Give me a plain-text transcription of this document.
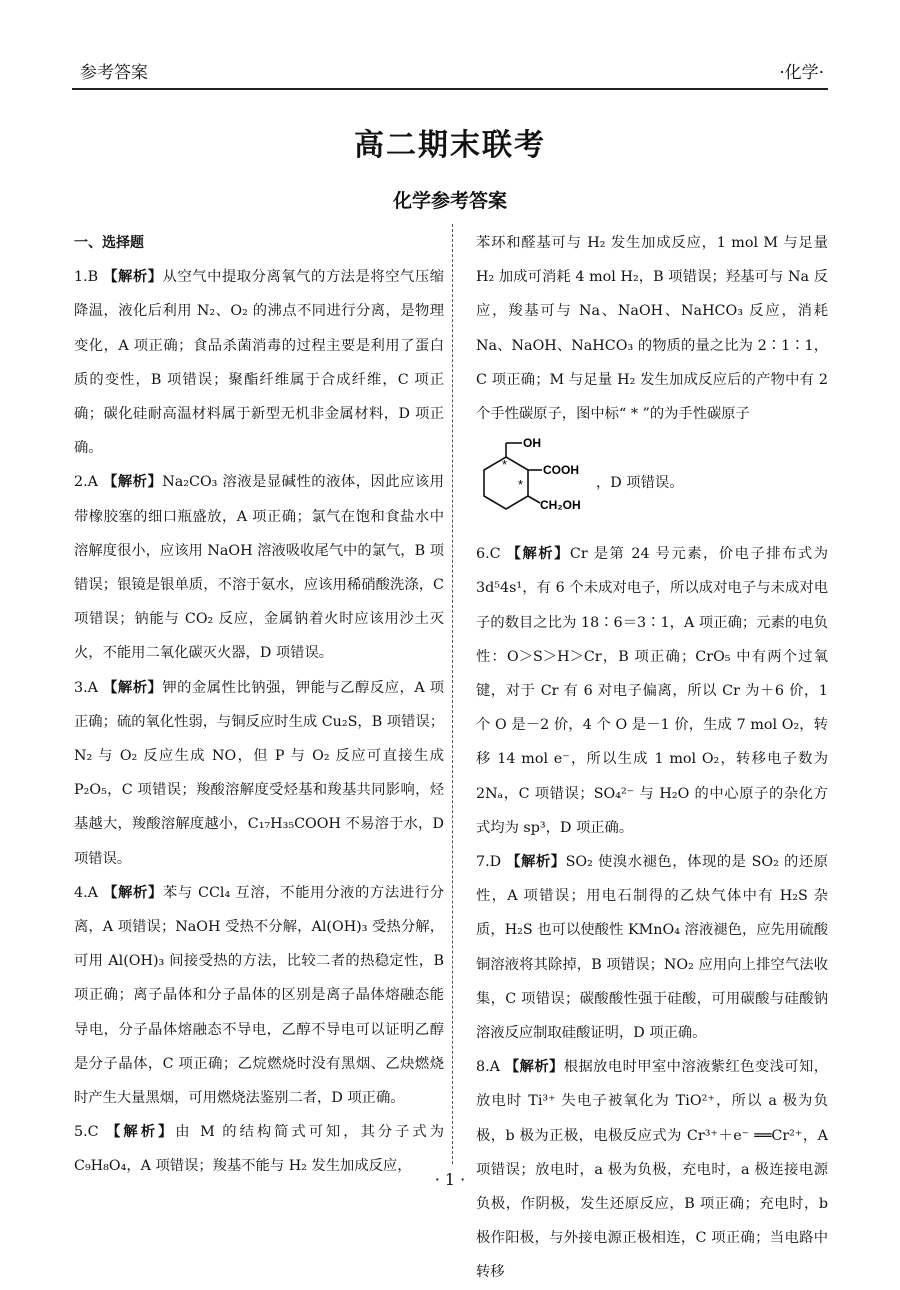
参考答案	·化学·
高二期末联考
化学参考答案
一、选择题
1.B 【解析】从空气中提取分离氧气的方法是将空气压缩降温，液化后利用 N₂、O₂ 的沸点不同进行分离，是物理变化，A 项正确；食品杀菌消毒的过程主要是利用了蛋白质的变性，B 项错误；聚酯纤维属于合成纤维，C 项正确；碳化硅耐高温材料属于新型无机非金属材料，D 项正确。
2.A 【解析】Na₂CO₃ 溶液是显碱性的液体，因此应该用带橡胶塞的细口瓶盛放，A 项正确；氯气在饱和食盐水中溶解度很小，应该用 NaOH 溶液吸收尾气中的氯气，B 项错误；银镜是银单质，不溶于氨水，应该用稀硝酸洗涤，C 项错误；钠能与 CO₂ 反应，金属钠着火时应该用沙土灭火，不能用二氧化碳灭火器，D 项错误。
3.A 【解析】钾的金属性比钠强，钾能与乙醇反应，A 项正确；硫的氧化性弱，与铜反应时生成 Cu₂S，B 项错误；N₂ 与 O₂ 反应生成 NO，但 P 与 O₂ 反应可直接生成 P₂O₅，C 项错误；羧酸溶解度受烃基和羧基共同影响，烃基越大，羧酸溶解度越小，C₁₇H₃₅COOH 不易溶于水，D 项错误。
4.A 【解析】苯与 CCl₄ 互溶，不能用分液的方法进行分离，A 项错误；NaOH 受热不分解，Al(OH)₃ 受热分解，可用 Al(OH)₃ 间接受热的方法，比较二者的热稳定性，B 项正确；离子晶体和分子晶体的区别是离子晶体熔融态能导电，分子晶体熔融态不导电，乙醇不导电可以证明乙醇是分子晶体，C 项正确；乙烷燃烧时没有黑烟、乙炔燃烧时产生大量黑烟，可用燃烧法鉴别二者，D 项正确。
5.C 【解析】由 M 的结构简式可知，其分子式为 C₉H₈O₄，A 项错误；羧基不能与 H₂ 发生加成反应，
苯环和醛基可与 H₂ 发生加成反应，1 mol M 与足量 H₂ 加成可消耗 4 mol H₂，B 项错误；羟基可与 Na 反应，羧基可与 Na、NaOH、NaHCO₃ 反应，消耗 Na、NaOH、NaHCO₃ 的物质的量之比为 2∶1∶1，C 项正确；M 与足量 H₂ 发生加成反应后的产物中有 2 个手性碳原子，图中标“ * ”的为手性碳原子
OH
COOH
CH₂OH
*
*	，D 项错误。
6.C 【解析】Cr 是第 24 号元素，价电子排布式为 3d⁵4s¹，有 6 个未成对电子，所以成对电子与未成对电子的数目之比为 18∶6＝3∶1，A 项正确；元素的电负性：O＞S＞H＞Cr，B 项正确；CrO₅ 中有两个过氧键，对于 Cr 有 6 对电子偏离，所以 Cr 为＋6 价，1 个 O 是－2 价，4 个 O 是－1 价，生成 7 mol O₂，转移 14 mol e⁻，所以生成 1 mol O₂，转移电子数为 2Nₐ，C 项错误；SO₄²⁻ 与 H₂O 的中心原子的杂化方式均为 sp³，D 项正确。
7.D 【解析】SO₂ 使溴水褪色，体现的是 SO₂ 的还原性，A 项错误；用电石制得的乙炔气体中有 H₂S 杂质，H₂S 也可以使酸性 KMnO₄ 溶液褪色，应先用硫酸铜溶液将其除掉，B 项错误；NO₂ 应用向上排空气法收集，C 项错误；碳酸酸性强于硅酸，可用碳酸与硅酸钠溶液反应制取硅酸证明，D 项正确。
8.A 【解析】根据放电时甲室中溶液紫红色变浅可知，放电时 Ti³⁺ 失电子被氧化为 TiO²⁺，所以 a 极为负极，b 极为正极，电极反应式为 Cr³⁺＋e⁻ ══Cr²⁺，A 项错误；放电时，a 极为负极，充电时，a 极连接电源负极，作阴极，发生还原反应，B 项正确；充电时，b 极作阳极，与外接电源正极相连，C 项正确；当电路中转移
· 1 ·
